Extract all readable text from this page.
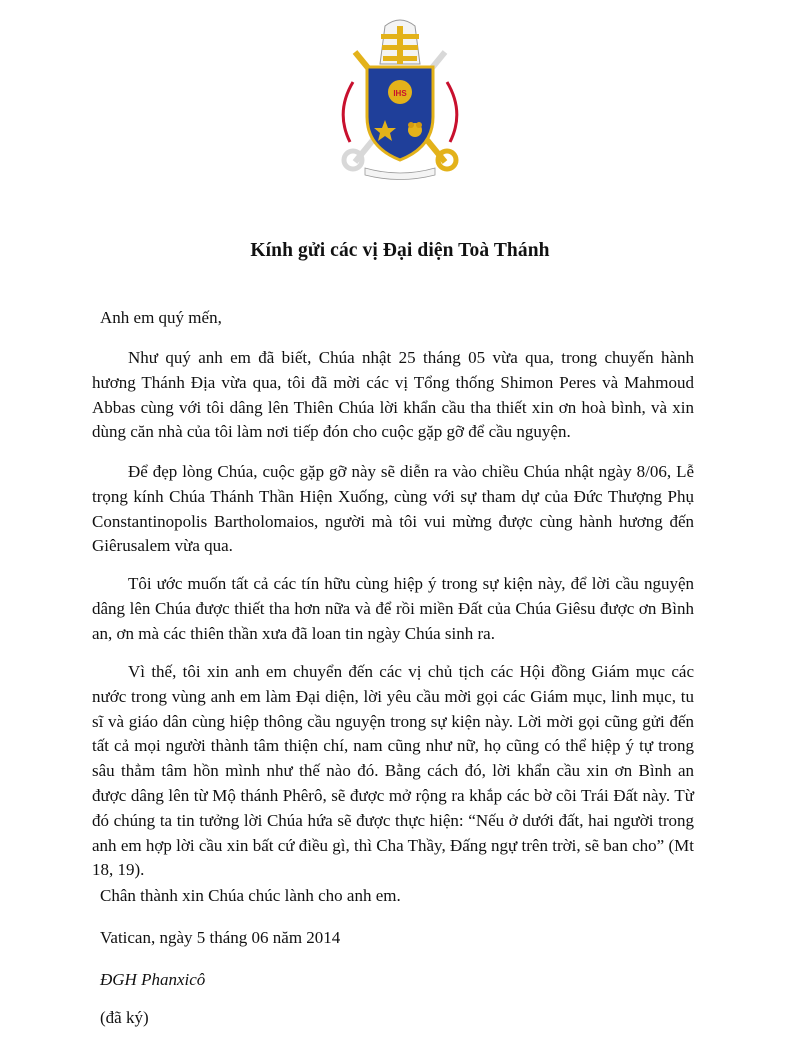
IHS
Kính gửi các vị Đại diện Toà Thánh
Anh em quý mến,

Như quý anh em đã biết, Chúa nhật 25 tháng 05 vừa qua, trong chuyến hành hương Thánh Địa vừa qua, tôi đã mời các vị Tổng thống Shimon Peres và Mahmoud Abbas cùng với tôi dâng lên Thiên Chúa lời khẩn cầu tha thiết xin ơn hoà bình, và xin dùng căn nhà của tôi làm nơi tiếp đón cho cuộc gặp gỡ để cầu nguyện.

Để đẹp lòng Chúa, cuộc gặp gỡ này sẽ diễn ra vào chiều Chúa nhật ngày 8/06, Lễ trọng kính Chúa Thánh Thần Hiện Xuống, cùng với sự tham dự của Đức Thượng Phụ Constantinopolis Bartholomaios, người mà tôi vui mừng được cùng hành hương đến Giêrusalem vừa qua.

Tôi ước muốn tất cả các tín hữu cùng hiệp ý trong sự kiện này, để lời cầu nguyện dâng lên Chúa được thiết tha hơn nữa và để rồi miền Đất của Chúa Giêsu được ơn Bình an, ơn mà các thiên thần xưa đã loan tin ngày Chúa sinh ra.

Vì thế, tôi xin anh em chuyển đến các vị chủ tịch các Hội đồng Giám mục các nước trong vùng anh em làm Đại diện, lời yêu cầu mời gọi các Giám mục, linh mục, tu sĩ và giáo dân cùng hiệp thông cầu nguyện trong sự kiện này. Lời mời gọi cũng gửi đến tất cả mọi người thành tâm thiện chí, nam cũng như nữ, họ cũng có thể hiệp ý tự trong sâu thẳm tâm hồn mình như thế nào đó. Bằng cách đó, lời khẩn cầu xin ơn Bình an được dâng lên từ Mộ thánh Phêrô, sẽ được mở rộng ra khắp các bờ cõi Trái Đất này. Từ đó chúng ta tin tưởng lời Chúa hứa sẽ được thực hiện: “Nếu ở dưới đất, hai người trong anh em hợp lời cầu xin bất cứ điều gì, thì Cha Thầy, Đấng ngự trên trời, sẽ ban cho” (Mt 18, 19).

Chân thành xin Chúa chúc lành cho anh em.
Vatican, ngày 5 tháng 06 năm 2014
ĐGH Phanxicô
(đã ký)
